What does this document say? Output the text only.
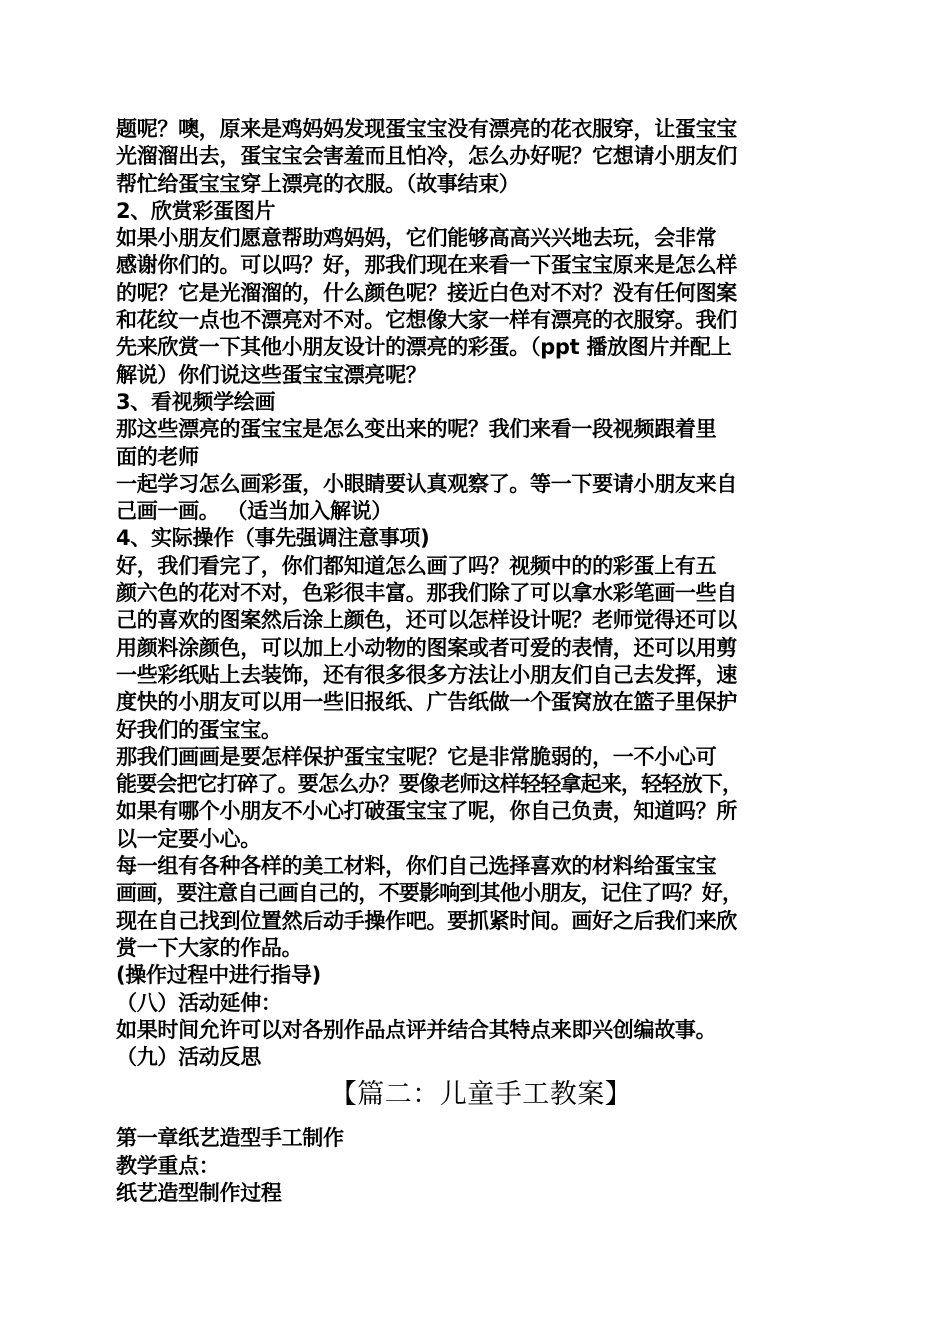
题呢？噢，原来是鸡妈妈发现蛋宝宝没有漂亮的花衣服穿，让蛋宝宝
光溜溜出去，蛋宝宝会害羞而且怕冷，怎么办好呢？它想请小朋友们
帮忙给蛋宝宝穿上漂亮的衣服。（故事结束）
2、欣赏彩蛋图片
如果小朋友们愿意帮助鸡妈妈，它们能够高高兴兴地去玩，会非常
感谢你们的。可以吗？好，那我们现在来看一下蛋宝宝原来是怎么样
的呢？它是光溜溜的，什么颜色呢？接近白色对不对？没有任何图案
和花纹一点也不漂亮对不对。它想像大家一样有漂亮的衣服穿。我们
先来欣赏一下其他小朋友设计的漂亮的彩蛋。（ppt 播放图片并配上
解说）你们说这些蛋宝宝漂亮呢？
3、看视频学绘画
那这些漂亮的蛋宝宝是怎么变出来的呢？我们来看一段视频跟着里
面的老师
一起学习怎么画彩蛋，小眼睛要认真观察了。等一下要请小朋友来自
己画一画。 （适当加入解说）
4、实际操作（事先强调注意事项)
好，我们看完了，你们都知道怎么画了吗？视频中的的彩蛋上有五
颜六色的花对不对，色彩很丰富。那我们除了可以拿水彩笔画一些自
己的喜欢的图案然后涂上颜色，还可以怎样设计呢？老师觉得还可以
用颜料涂颜色，可以加上小动物的图案或者可爱的表情，还可以用剪
一些彩纸贴上去装饰，还有很多很多方法让小朋友们自己去发挥，速
度快的小朋友可以用一些旧报纸、广告纸做一个蛋窝放在篮子里保护
好我们的蛋宝宝。
那我们画画是要怎样保护蛋宝宝呢？它是非常脆弱的，一不小心可
能要会把它打碎了。要怎么办？要像老师这样轻轻拿起来，轻轻放下，
如果有哪个小朋友不小心打破蛋宝宝了呢，你自己负责，知道吗？所
以一定要小心。
每一组有各种各样的美工材料，你们自己选择喜欢的材料给蛋宝宝
画画，要注意自己画自己的，不要影响到其他小朋友，记住了吗？好，
现在自己找到位置然后动手操作吧。要抓紧时间。画好之后我们来欣
赏一下大家的作品。
(操作过程中进行指导)
（八）活动延伸：
如果时间允许可以对各别作品点评并结合其特点来即兴创编故事。
（九）活动反思
【篇二：儿童手工教案】
第一章纸艺造型手工制作
教学重点：
纸艺造型制作过程
